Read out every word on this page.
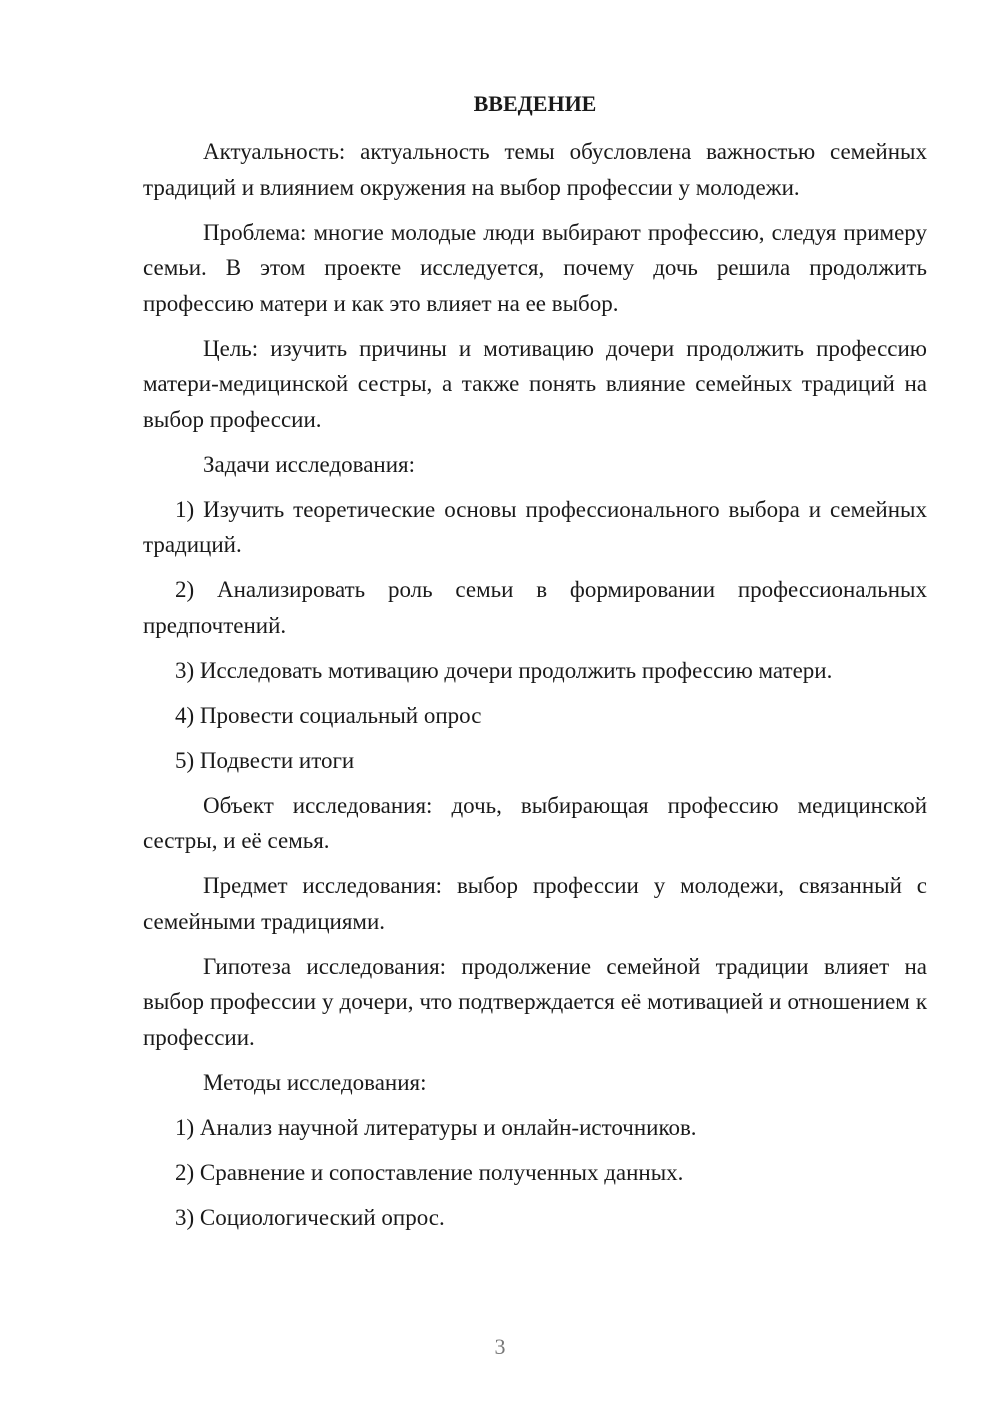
ВВЕДЕНИЕ

Актуальность: актуальность темы обусловлена важностью семейных традиций и влиянием окружения на выбор профессии у молодежи.

Проблема: многие молодые люди выбирают профессию, следуя примеру семьи. В этом проекте исследуется, почему дочь решила продолжить профессию матери и как это влияет на ее выбор.

Цель: изучить причины и мотивацию дочери продолжить профессию матери-медицинской сестры, а также понять влияние семейных традиций на выбор профессии.

Задачи исследования:

1) Изучить теоретические основы профессионального выбора и семейных традиций.

2) Анализировать роль семьи в формировании профессиональных предпочтений.

3) Исследовать мотивацию дочери продолжить профессию матери.

4) Провести социальный опрос

5) Подвести итоги

Объект исследования: дочь, выбирающая профессию медицинской сестры, и её семья.

Предмет исследования: выбор профессии у молодежи, связанный с семейными традициями.

Гипотеза исследования: продолжение семейной традиции влияет на выбор профессии у дочери, что подтверждается её мотивацией и отношением к профессии.

Методы исследования:

1) Анализ научной литературы и онлайн-источников.

2) Сравнение и сопоставление полученных данных.

3) Социологический опрос.

3
